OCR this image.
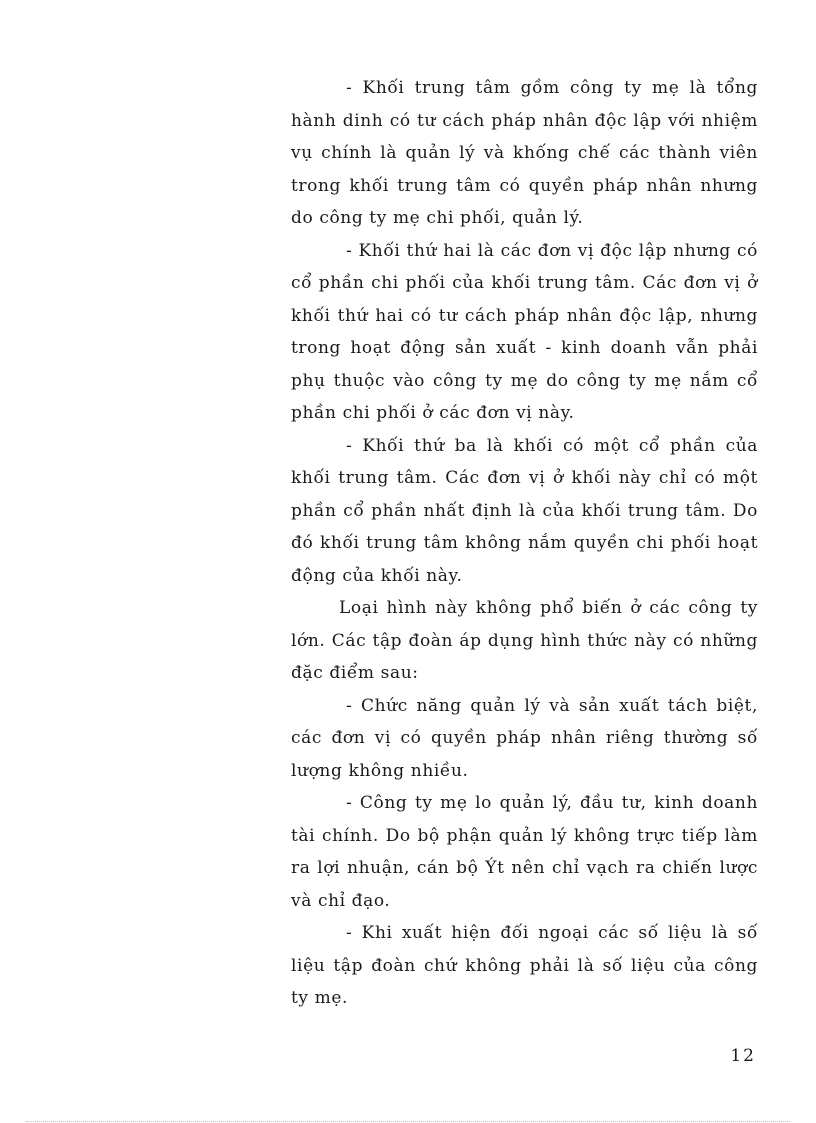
- Khối trung tâm gồm công ty mẹ là tổng hành dinh có tư cách pháp nhân độc lập với nhiệm vụ chính là quản lý và khống chế các thành viên trong khối trung tâm có quyền pháp nhân nhưng do công ty mẹ chi phối, quản lý.

- Khối thứ hai là các đơn vị độc lập nhưng có cổ phần chi phối của khối trung tâm. Các đơn vị ở khối thứ hai có tư cách pháp nhân độc lập, nhưng trong hoạt động sản xuất - kinh doanh vẫn phải phụ thuộc vào công ty mẹ do công ty mẹ nắm cổ phần chi phối ở các đơn vị này.

- Khối thứ ba là khối có một cổ phần của khối trung tâm. Các đơn vị ở khối này chỉ có một phần cổ phần nhất định là của khối trung tâm. Do đó khối trung tâm không nắm quyền chi phối hoạt động của khối này.

Loại hình này không phổ biến ở các công ty lớn. Các tập đoàn áp dụng hình thức này có những đặc điểm sau:

- Chức năng quản lý và sản xuất tách biệt, các đơn vị có quyền pháp nhân riêng thường số lượng không nhiều.

- Công ty mẹ lo quản lý, đầu tư, kinh doanh tài chính. Do bộ phận quản lý không trực tiếp làm ra lợi nhuận, cán bộ Ýt nên chỉ vạch ra chiến lược và chỉ đạo.

- Khi xuất hiện đối ngoại các số liệu là số liệu tập đoàn chứ không phải là số liệu của công ty mẹ.

12
